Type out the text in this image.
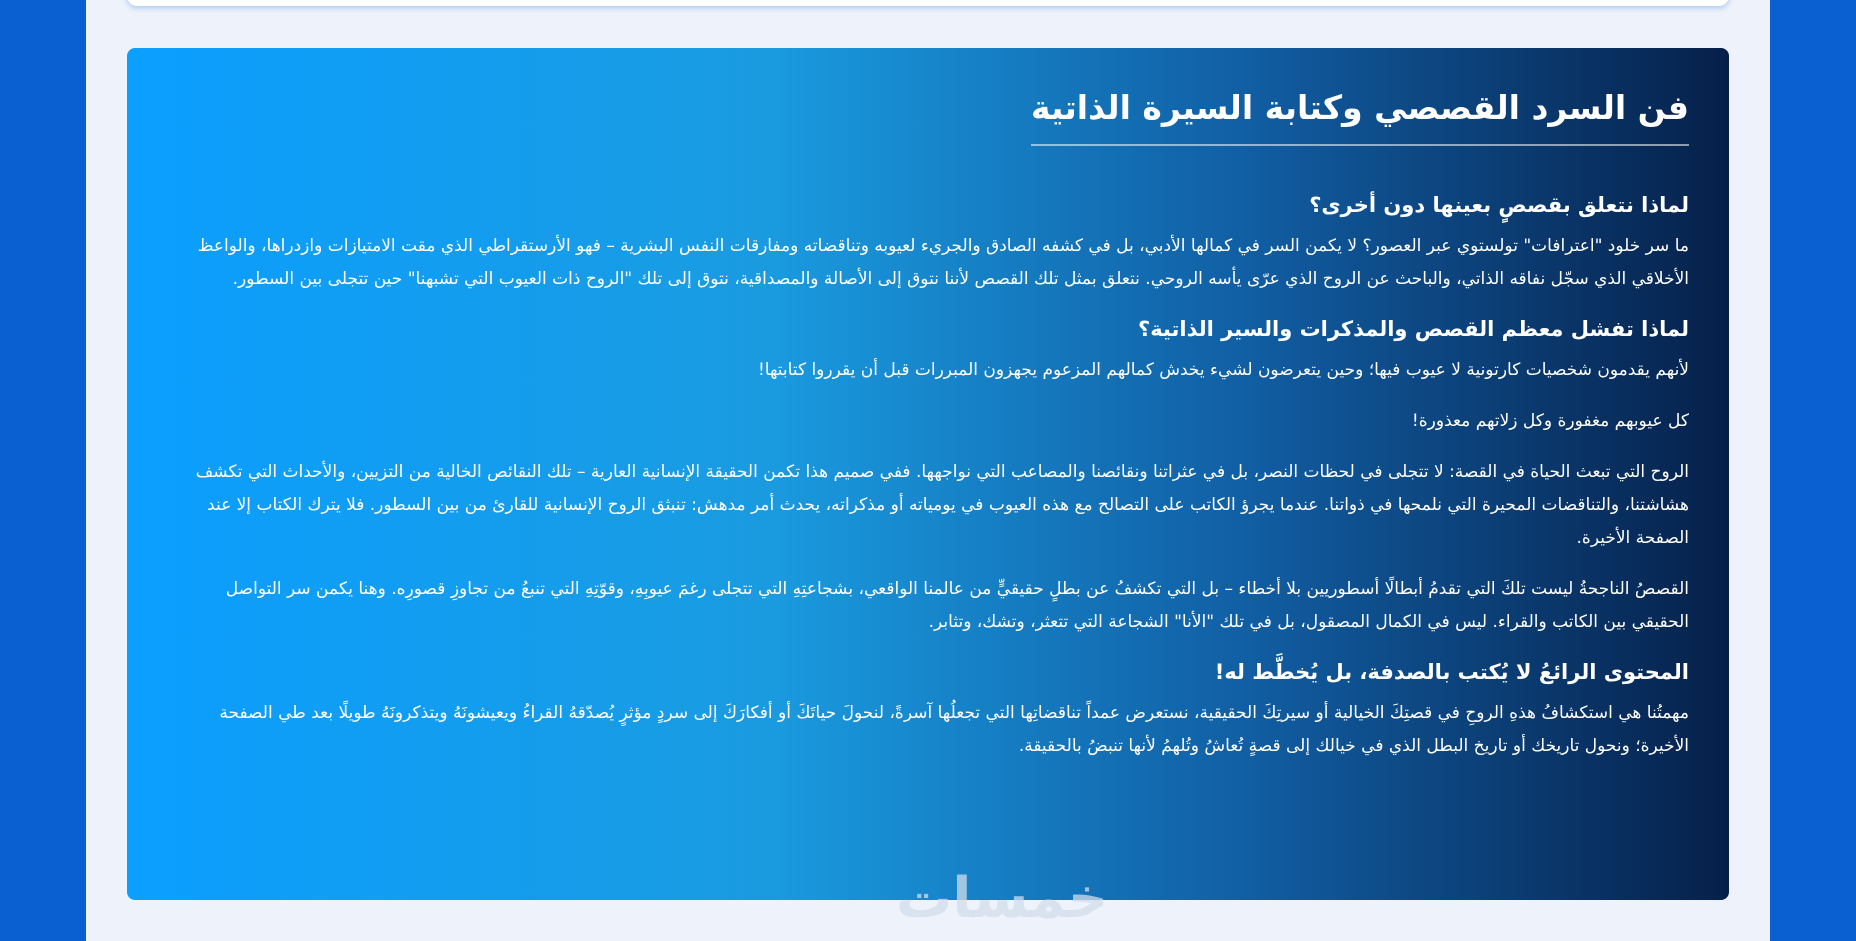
فن السرد القصصي وكتابة السيرة الذاتية
لماذا نتعلق بقصصٍ بعينها دون أخرى؟

ما سر خلود "اعترافات" تولستوي عبر العصور؟ لا يكمن السر في كمالها الأدبي، بل في كشفه الصادق والجريء لعيوبه وتناقضاته ومفارقات النفس البشرية – فهو الأرستقراطي الذي مقت الامتيازات وازدراها، والواعظ الأخلاقي الذي سجّل نفاقه الذاتي، والباحث عن الروح الذي عرّى يأسه الروحي. نتعلق بمثل تلك القصص لأننا نتوق إلى الأصالة والمصداقية، نتوق إلى تلك "الروح ذات العيوب التي تشبهنا" حين تتجلى بين السطور.

لماذا تفشل معظم القصص والمذكرات والسير الذاتية؟

لأنهم يقدمون شخصيات كارتونية لا عيوب فيها؛ وحين يتعرضون لشيء يخدش كمالهم المزعوم يجهزون المبررات قبل أن يقرروا كتابتها!

كل عيوبهم مغفورة وكل زلاتهم معذورة!

الروح التي تبعث الحياة في القصة: لا تتجلى في لحظات النصر، بل في عثراتنا ونقائصنا والمصاعب التي نواجهها. ففي صميم هذا تكمن الحقيقة الإنسانية العارية – تلك النقائص الخالية من التزيين، والأحداث التي تكشف هشاشتنا، والتناقضات المحيرة التي نلمحها في ذواتنا. عندما يجرؤ الكاتب على التصالح مع هذه العيوب في يومياته أو مذكراته، يحدث أمر مدهش: تنبثق الروح الإنسانية للقارئ من بين السطور. فلا يترك الكتاب إلا عند الصفحة الأخيرة.

القصصُ الناجحةُ ليست تلكَ التي تقدمُ أبطالًا أسطوريين بلا أخطاء – بل التي تكشفُ عن بطلٍ حقيقيٍّ من عالمنا الواقعي، بشجاعتِهِ التي تتجلى رغمَ عيوبِهِ، وقوّتِهِ التي تنبعُ من تجاوزِ قصورِه. وهنا يكمن سر التواصل الحقيقي بين الكاتب والقراء. ليس في الكمال المصقول، بل في تلك "الأنا" الشجاعة التي تتعثر، وتشك، وتثابر.

المحتوى الرائعُ لا يُكتب بالصدفة، بل يُخطَّط له!

مهمتُنا هي استكشافُ هذهِ الروحِ في قصتِكَ الخيالية أو سيرتِكَ الحقيقية، نستعرض عمداً تناقضاتِها التي تجعلُها آسرةً، لنحولَ حياتَكَ أو أفكارَكَ إلى سردٍ مؤثرٍ يُصدّقهُ القراءُ ويعيشونَهُ ويتذكرونَهُ طويلًا بعد طي الصفحة الأخيرة؛ ونحول تاريخك أو تاريخ البطل الذي في خيالك إلى قصةٍ تُعاشُ وتُلهمُ لأنها تنبضُ بالحقيقة.

خمسات
